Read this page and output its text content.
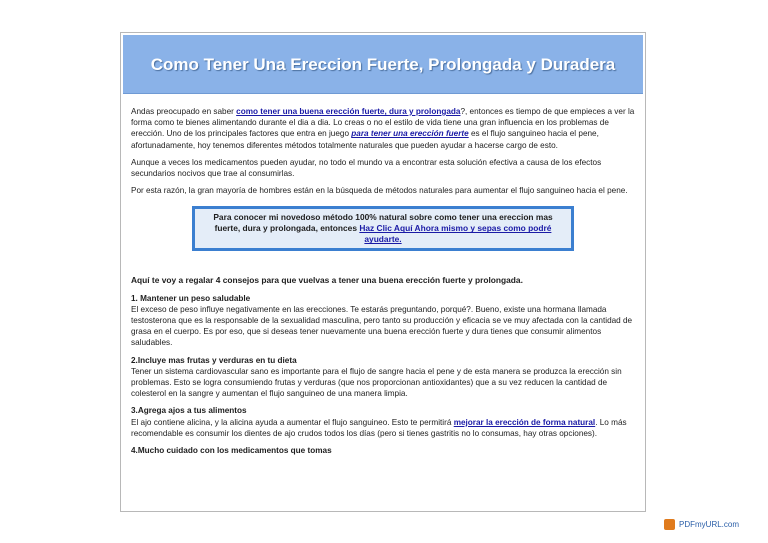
Como Tener Una Ereccion Fuerte, Prolongada y Duradera

Andas preocupado en saber como tener una buena erección fuerte, dura y prolongada?, entonces es tiempo de que empieces a ver la forma como te bienes alimentando durante el dia a dia. Lo creas o no el estilo de vida tiene una gran influencia en los problemas de erección. Uno de los principales factores que entra en juego para tener una erección fuerte es el flujo sanguineo hacia el pene, afortunadamente, hoy tenemos diferentes métodos totalmente naturales que pueden ayudar a hacerse cargo de esto.

Aunque a veces los medicamentos pueden ayudar, no todo el mundo va a encontrar esta solución efectiva a causa de los efectos secundarios nocivos que trae al consumirlas.

Por esta razón, la gran mayoría de hombres están en la búsqueda de métodos naturales para aumentar el flujo sanguineo hacia el pene.

Para conocer mi novedoso método 100% natural sobre como tener una ereccion mas fuerte, dura y prolongada, entonces Haz Clic Aquí Ahora mismo y sepas como podré ayudarte.

Aquí te voy a regalar 4 consejos para que vuelvas a tener una buena erección fuerte y prolongada.

1. Mantener un peso saludable
El exceso de peso influye negativamente en las erecciones. Te estarás preguntando, porqué?. Bueno, existe una hormana llamada testosterona que es la responsable de la sexualidad masculina, pero tanto su producción y eficacia se ve muy afectada con la cantidad de grasa en el cuerpo. Es por eso, que si deseas tener nuevamente una buena erección fuerte y dura tienes que consumir alimentos saludables.

2.Incluye mas frutas y verduras en tu dieta
Tener un sistema cardiovascular sano es importante para el flujo de sangre hacia el pene y de esta manera se produzca la erección sin problemas. Esto se logra consumiendo frutas y verduras (que nos proporcionan antioxidantes) que a su vez reducen la cantidad de colesterol en la sangre y aumentan el flujo sanguineo de una manera limpia.

3.Agrega ajos a tus alimentos
El ajo contiene alicina, y la alicina ayuda a aumentar el flujo sanguineo. Esto te permitirá mejorar la erección de forma natural. Lo más recomendable es consumir los dientes de ajo crudos todos los días (pero si tienes gastritis no lo consumas, hay otras opciones).

4.Mucho cuidado con los medicamentos que tomas

PDFmyURL.com
